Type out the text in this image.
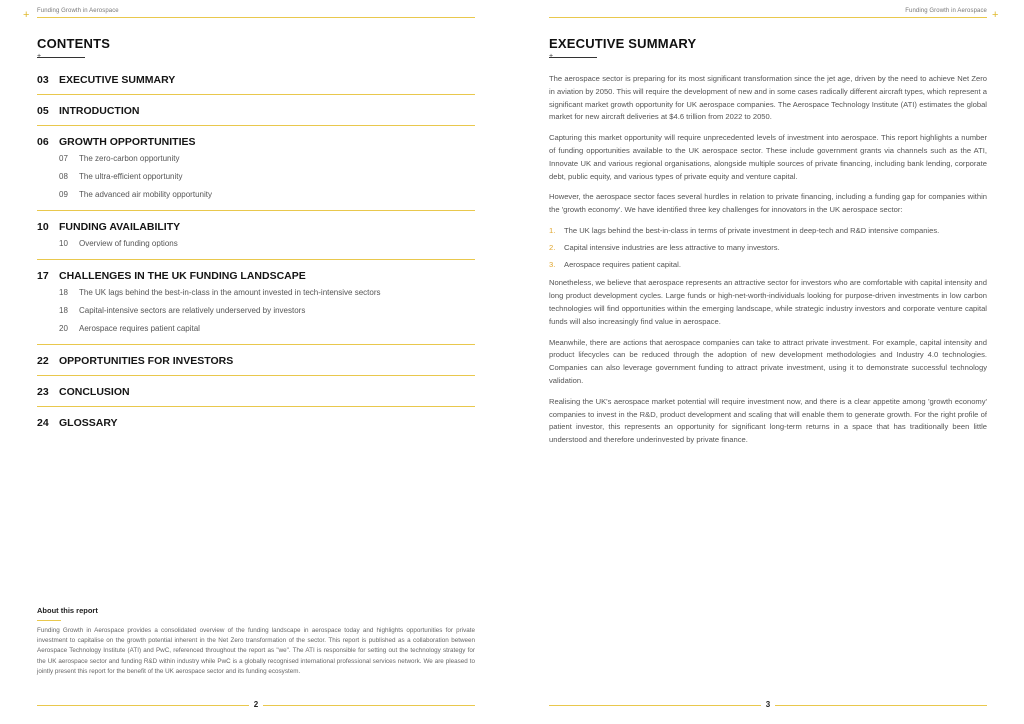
+ Funding Growth in Aerospace
CONTENTS
03 EXECUTIVE SUMMARY
05 INTRODUCTION
06 GROWTH OPPORTUNITIES
07	The zero-carbon opportunity
08	The ultra-efficient opportunity
09	The advanced air mobility opportunity
10 FUNDING AVAILABILITY
10	Overview of funding options
17 CHALLENGES IN THE UK FUNDING LANDSCAPE
18	The UK lags behind the best-in-class in the amount invested in tech-intensive sectors
18	Capital-intensive sectors are relatively underserved by investors
20	Aerospace requires patient capital
22 OPPORTUNITIES FOR INVESTORS
23 CONCLUSION
24 GLOSSARY
About this report
Funding Growth in Aerospace provides a consolidated overview of the funding landscape in aerospace today and highlights opportunities for private investment to capitalise on the growth potential inherent in the Net Zero transformation of the sector. This report is published as a collaboration between Aerospace Technology Institute (ATI) and PwC, referenced throughout the report as "we". The ATI is responsible for setting out the technology strategy for the UK aerospace sector and funding R&D within industry while PwC is a globally recognised international professional services network. We are pleased to jointly present this report for the benefit of the UK aerospace sector and its funding ecosystem.
2
+
Funding Growth in Aerospace
EXECUTIVE SUMMARY

The aerospace sector is preparing for its most significant transformation since the jet age, driven by the need to achieve Net Zero in aviation by 2050. This will require the development of new and in some cases radically different aircraft types, which represent a significant market growth opportunity for UK aerospace companies. The Aerospace Technology Institute (ATI) estimates the global market for new aircraft deliveries at $4.6 trillion from 2022 to 2050.

Capturing this market opportunity will require unprecedented levels of investment into aerospace. This report highlights a number of funding opportunities available to the UK aerospace sector. These include government grants via channels such as the ATI, Innovate UK and various regional organisations, alongside multiple sources of private financing, including bank lending, corporate debt, public equity, and various types of private equity and venture capital.

However, the aerospace sector faces several hurdles in relation to private financing, including a funding gap for companies within the 'growth economy'. We have identified three key challenges for innovators in the UK aerospace sector:

1.	The UK lags behind the best-in-class in terms of private investment in deep-tech and R&D intensive companies.
2.	Capital intensive industries are less attractive to many investors.
3.	Aerospace requires patient capital.

Nonetheless, we believe that aerospace represents an attractive sector for investors who are comfortable with capital intensity and long product development cycles. Large funds or high-net-worth-individuals looking for purpose-driven investments in low carbon technologies will find opportunities within the emerging landscape, while strategic industry investors and corporate venture capital funds will also increasingly find value in aerospace.

Meanwhile, there are actions that aerospace companies can take to attract private investment. For example, capital intensity and product lifecycles can be reduced through the adoption of new development methodologies and Industry 4.0 technologies. Companies can also leverage government funding to attract private investment, using it to demonstrate successful technology validation.

Realising the UK's aerospace market potential will require investment now, and there is a clear appetite among 'growth economy' companies to invest in the R&D, product development and scaling that will enable them to generate growth. For the right profile of patient investor, this represents an opportunity for significant long-term returns in a space that has traditionally been little understood and therefore underinvested by private finance.

3
